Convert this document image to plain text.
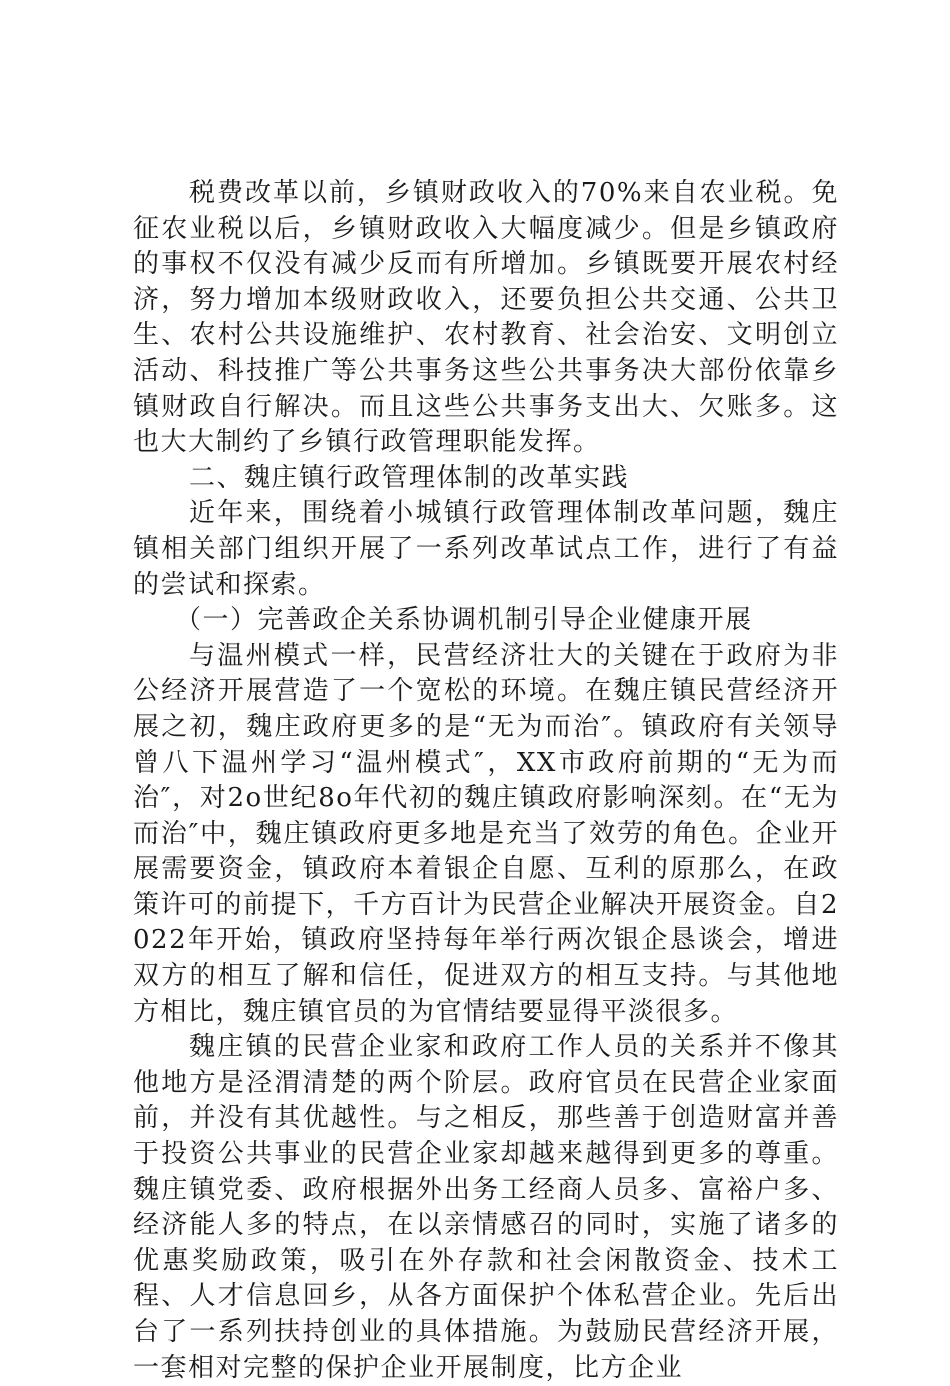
税费改革以前，乡镇财政收入的70%来自农业税。免征农业税以后，乡镇财政收入大幅度减少。但是乡镇政府的事权不仅没有减少反而有所增加。乡镇既要开展农村经济，努力增加本级财政收入，还要负担公共交通、公共卫生、农村公共设施维护、农村教育、社会治安、文明创立活动、科技推广等公共事务这些公共事务决大部份依靠乡镇财政自行解决。而且这些公共事务支出大、欠账多。这也大大制约了乡镇行政管理职能发挥。

二、魏庄镇行政管理体制的改革实践

近年来，围绕着小城镇行政管理体制改革问题，魏庄镇相关部门组织开展了一系列改革试点工作，进行了有益的尝试和探索。

（一）完善政企关系协调机制引导企业健康开展

与温州模式一样，民营经济壮大的关键在于政府为非公经济开展营造了一个宽松的环境。在魏庄镇民营经济开展之初，魏庄政府更多的是“无为而治″。镇政府有关领导曾八下温州学习“温州模式″，XX市政府前期的“无为而治″，对2o世纪8o年代初的魏庄镇政府影响深刻。在“无为而治″中，魏庄镇政府更多地是充当了效劳的角色。企业开展需要资金，镇政府本着银企自愿、互利的原那么，在政策许可的前提下，千方百计为民营企业解决开展资金。自2022年开始，镇政府坚持每年举行两次银企恳谈会，增进双方的相互了解和信任，促进双方的相互支持。与其他地方相比，魏庄镇官员的为官情结要显得平淡很多。

魏庄镇的民营企业家和政府工作人员的关系并不像其他地方是泾渭清楚的两个阶层。政府官员在民营企业家面前，并没有其优越性。与之相反，那些善于创造财富并善于投资公共事业的民营企业家却越来越得到更多的尊重。魏庄镇党委、政府根据外出务工经商人员多、富裕户多、经济能人多的特点，在以亲情感召的同时，实施了诸多的优惠奖励政策，吸引在外存款和社会闲散资金、技术工程、人才信息回乡，从各方面保护个体私营企业。先后出台了一系列扶持创业的具体措施。为鼓励民营经济开展，一套相对完整的保护企业开展制度，比方企业
